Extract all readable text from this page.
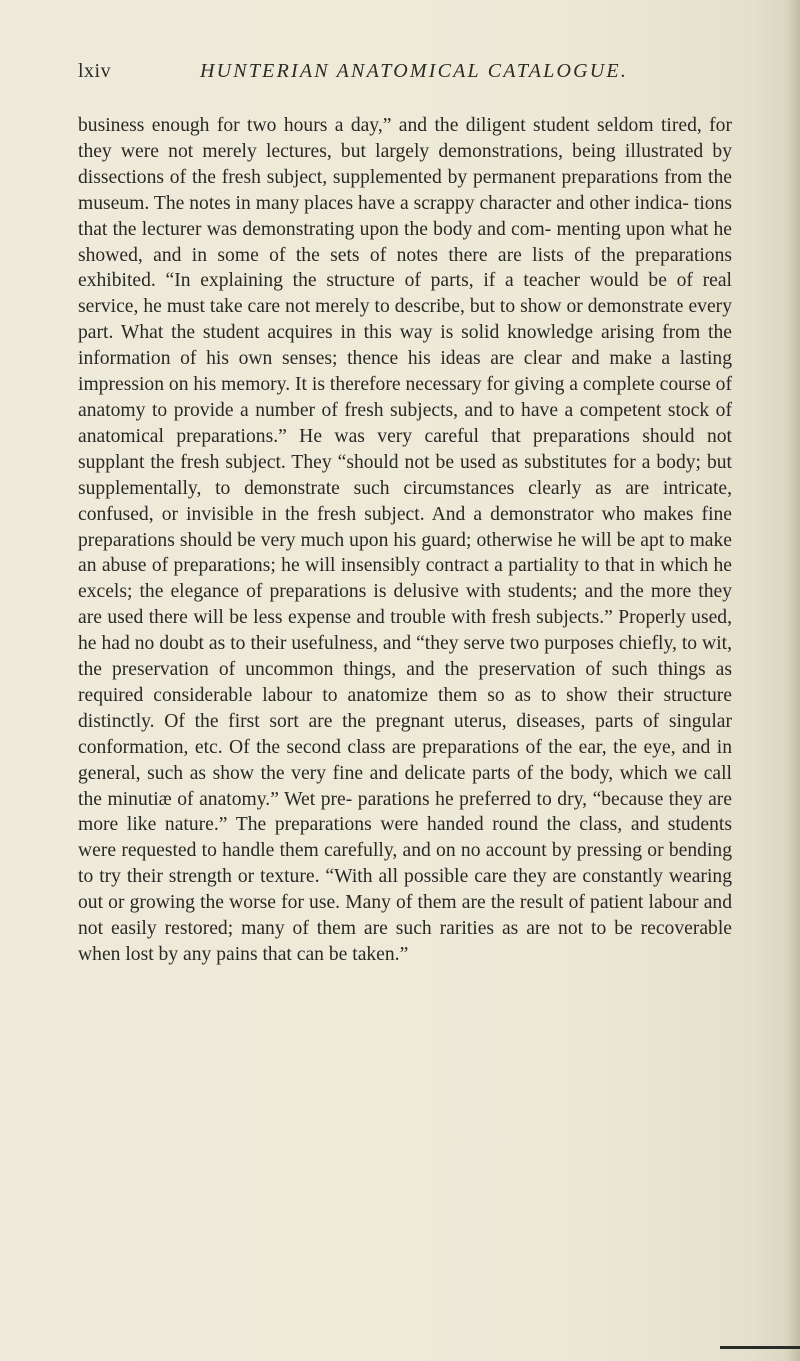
lxiv	HUNTERIAN ANATOMICAL CATALOGUE.
business enough for two hours a day,” and the diligent student seldom tired, for they were not merely lectures, but largely demonstrations, being illustrated by dissections of the fresh subject, supplemented by permanent preparations from the museum. The notes in many places have a scrappy character and other indica- tions that the lecturer was demonstrating upon the body and com- menting upon what he showed, and in some of the sets of notes there are lists of the preparations exhibited. “In explaining the structure of parts, if a teacher would be of real service, he must take care not merely to describe, but to show or demonstrate every part. What the student acquires in this way is solid knowledge arising from the information of his own senses; thence his ideas are clear and make a lasting impression on his memory. It is therefore necessary for giving a complete course of anatomy to provide a number of fresh subjects, and to have a competent stock of anatomical preparations.” He was very careful that preparations should not supplant the fresh subject. They “should not be used as substitutes for a body; but supplementally, to demonstrate such circumstances clearly as are intricate, confused, or invisible in the fresh subject. And a demonstrator who makes fine preparations should be very much upon his guard; otherwise he will be apt to make an abuse of preparations; he will insensibly contract a partiality to that in which he excels; the elegance of preparations is delusive with students; and the more they are used there will be less expense and trouble with fresh subjects.” Properly used, he had no doubt as to their usefulness, and “they serve two purposes chiefly, to wit, the preservation of uncommon things, and the preservation of such things as required considerable labour to anatomize them so as to show their structure distinctly. Of the first sort are the pregnant uterus, diseases, parts of singular conformation, etc. Of the second class are preparations of the ear, the eye, and in general, such as show the very fine and delicate parts of the body, which we call the minutiæ of anatomy.” Wet pre- parations he preferred to dry, “because they are more like nature.” The preparations were handed round the class, and students were requested to handle them carefully, and on no account by pressing or bending to try their strength or texture. “With all possible care they are constantly wearing out or growing the worse for use. Many of them are the result of patient labour and not easily restored; many of them are such rarities as are not to be recoverable when lost by any pains that can be taken.”
